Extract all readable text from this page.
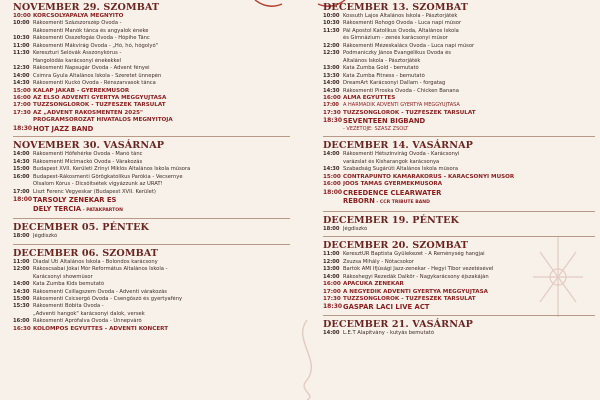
NOVEMBER 29. SZOMBAT
10:00 KORCSOLYAPÁLYA MEGNYITÓ
10:00 Rákosmenti Százszorszép Óvoda -
Rákosmenti Manók tánca és angyalok éneke
10:30 Rákosmenti Összefogás Óvoda - Hópihe Tánc
11:00 Rákosmenti Mákvirág Óvoda - „Hó, hó, hógolyó"
11:30 Kereszturi Selóvák Asszonykórus -
Hangolódás karácsonyi énekekkel
12:30 Rákosmenti Napsugár Óvoda - Advent fényei
14:00 Csimra Gyula Általános Iskola - Szeretet ünnepén
14:30 Rákosmenti Kuckó Óvoda - Rénszarvasok tánca
15:00 KALAP JAKAB - GYEREKMŰSOR
16:00 AZ ELSŐ ADVENTI GYERTYA MEGGYÚJTÁSA
17:00 TÜZZSONGLŐRÖK - TŰZFÉSZEK TÁRSULAT
17:30 AZ „ADVENT RÁKOSMENTEN 2025"
PROGRAMSOROZAT HIVATALOS MEGNYITÓJA
18:30 HOT JAZZ BAND
NOVEMBER 30. VASÁRNAP
14:00 Rákosmenti Hőfehérke Óvoda - Manó tánc
14:30 Rákosmenti Micimackó Óvoda - Várakozás
15:00 Budapest XVII. Kerületi Zrínyi Miklós Általános Iskola műsora
16:00 Budapest-Rákosmenti Görögkatolikus Parókia - Vecsernye
Olsalom Kórus - Dicsőítsétek vigyázzunk az URAT!
17:00 Liszt Ferenc Vegyeskar (Budapest XVII. Kerület)
18:00 TARSOLY ZENEKAR ÉS
DELY TERCIA - PATAKPARTON
DECEMBER 05. PÉNTEK
18:00 Jégdiszkó
DECEMBER 06. SZOMBAT
11:00 Diadal Úti Általános Iskola - Bolondos karácsony
12:00 Rákoscsabai Jókai Mór Református Általános Iskola -
Karácsonyi showműsor
14:00 Kata Zumba Kids bemutató
14:30 Rákosmenti Csillagszem Óvoda - Adventi várakozás
15:00 Rákosmenti Csicsergő Óvoda - Csengőszó és gyertyafény
15:30 Rákosmenti Bóbita Óvoda -
„Adventi hangok" karácsonyi dalok, versek
16:00 Rákosmenti Aprófalva Óvoda - Ünnepváró
16:30 KOLOMPOS EGYÜTTES - ADVENTI KONCERT
DECEMBER 13. SZOMBAT
10:00 Kossuth Lajos Általános Iskola - Pásztorjáték
10:30 Rákosmenti Rohogó Óvoda - Luca napi műsor
11:30 Pál Apostol Katolikus Óvoda, Általános Iskola
és Gimnázium - zenés karácsonyi műsor
12:00 Rákosmenti Mézeskalács Óvoda - Luca napi műsor
12:30 Podmaniczky János Evangélikus Óvoda és
Általános Iskola - Pásztorjáték
13:00 Kata Zumba Gold - bemutató
13:30 Kata Zumba Fitness - bemutató
14:00 DreamArt Karácsonyi Dallam - forgatag
14:30 Rákosmenti Piroska Óvoda - Chicken Banana
16:00 ALMA EGYÜTTES
17:00 A HARMADIK ADVENTI GYERTYA MEGGYÚJTÁSA
17:30 TÜZZSONGLŐRÖK - TŰZFÉSZEK TÁRSULAT
18:30 SEVENTEEN BIGBAND
- VEZETŐJE: SZÁSZ ZSOLT
DECEMBER 14. VASÁRNAP
14:00 Rákosmenti Hétszínvirág Óvoda - Karácsonyi
varázslat és Kisharangok karácsonya
14:30 Szabadság Sugárúti Általános Iskola műsora
15:00 CONTRAPUNTO KAMARAKÓRUS - KARÁCSONYI MŰSOR
16:00 JÓOS TAMÁS GYERMEKMŰSORA
18:00 CREEDENCE CLEARWATER
REBORN - CCR TRIBUTE BAND
DECEMBER 19. PÉNTEK
18:00 Jégdiszkó
DECEMBER 20. SZOMBAT
11:00 KeresztÚR Baptista Gyülekezet - A Reménység hangjai
12:00 Zsuzsa Mihály - Nótacsokor
13:00 Bartók AMI Ifjúsági Jazz-zenekar - Hegyi Tibor vezetésével
14:00 Rákoshegyi Rezedák Dalkör - Nagykarácsony éjszakáján
16:00 APACUKA ZENEKAR
17:00 A NEGYEDIK ADVENTI GYERTYA MEGGYÚJTÁSA
17:30 TÜZZSONGLŐRÖK - TŰZFÉSZEK TÁRSULAT
18:30 GÁSPÁR LACI LIVE ACT
DECEMBER 21. VASÁRNAP
14:00 L.E.T Alapítvány - kutyás bemutató
